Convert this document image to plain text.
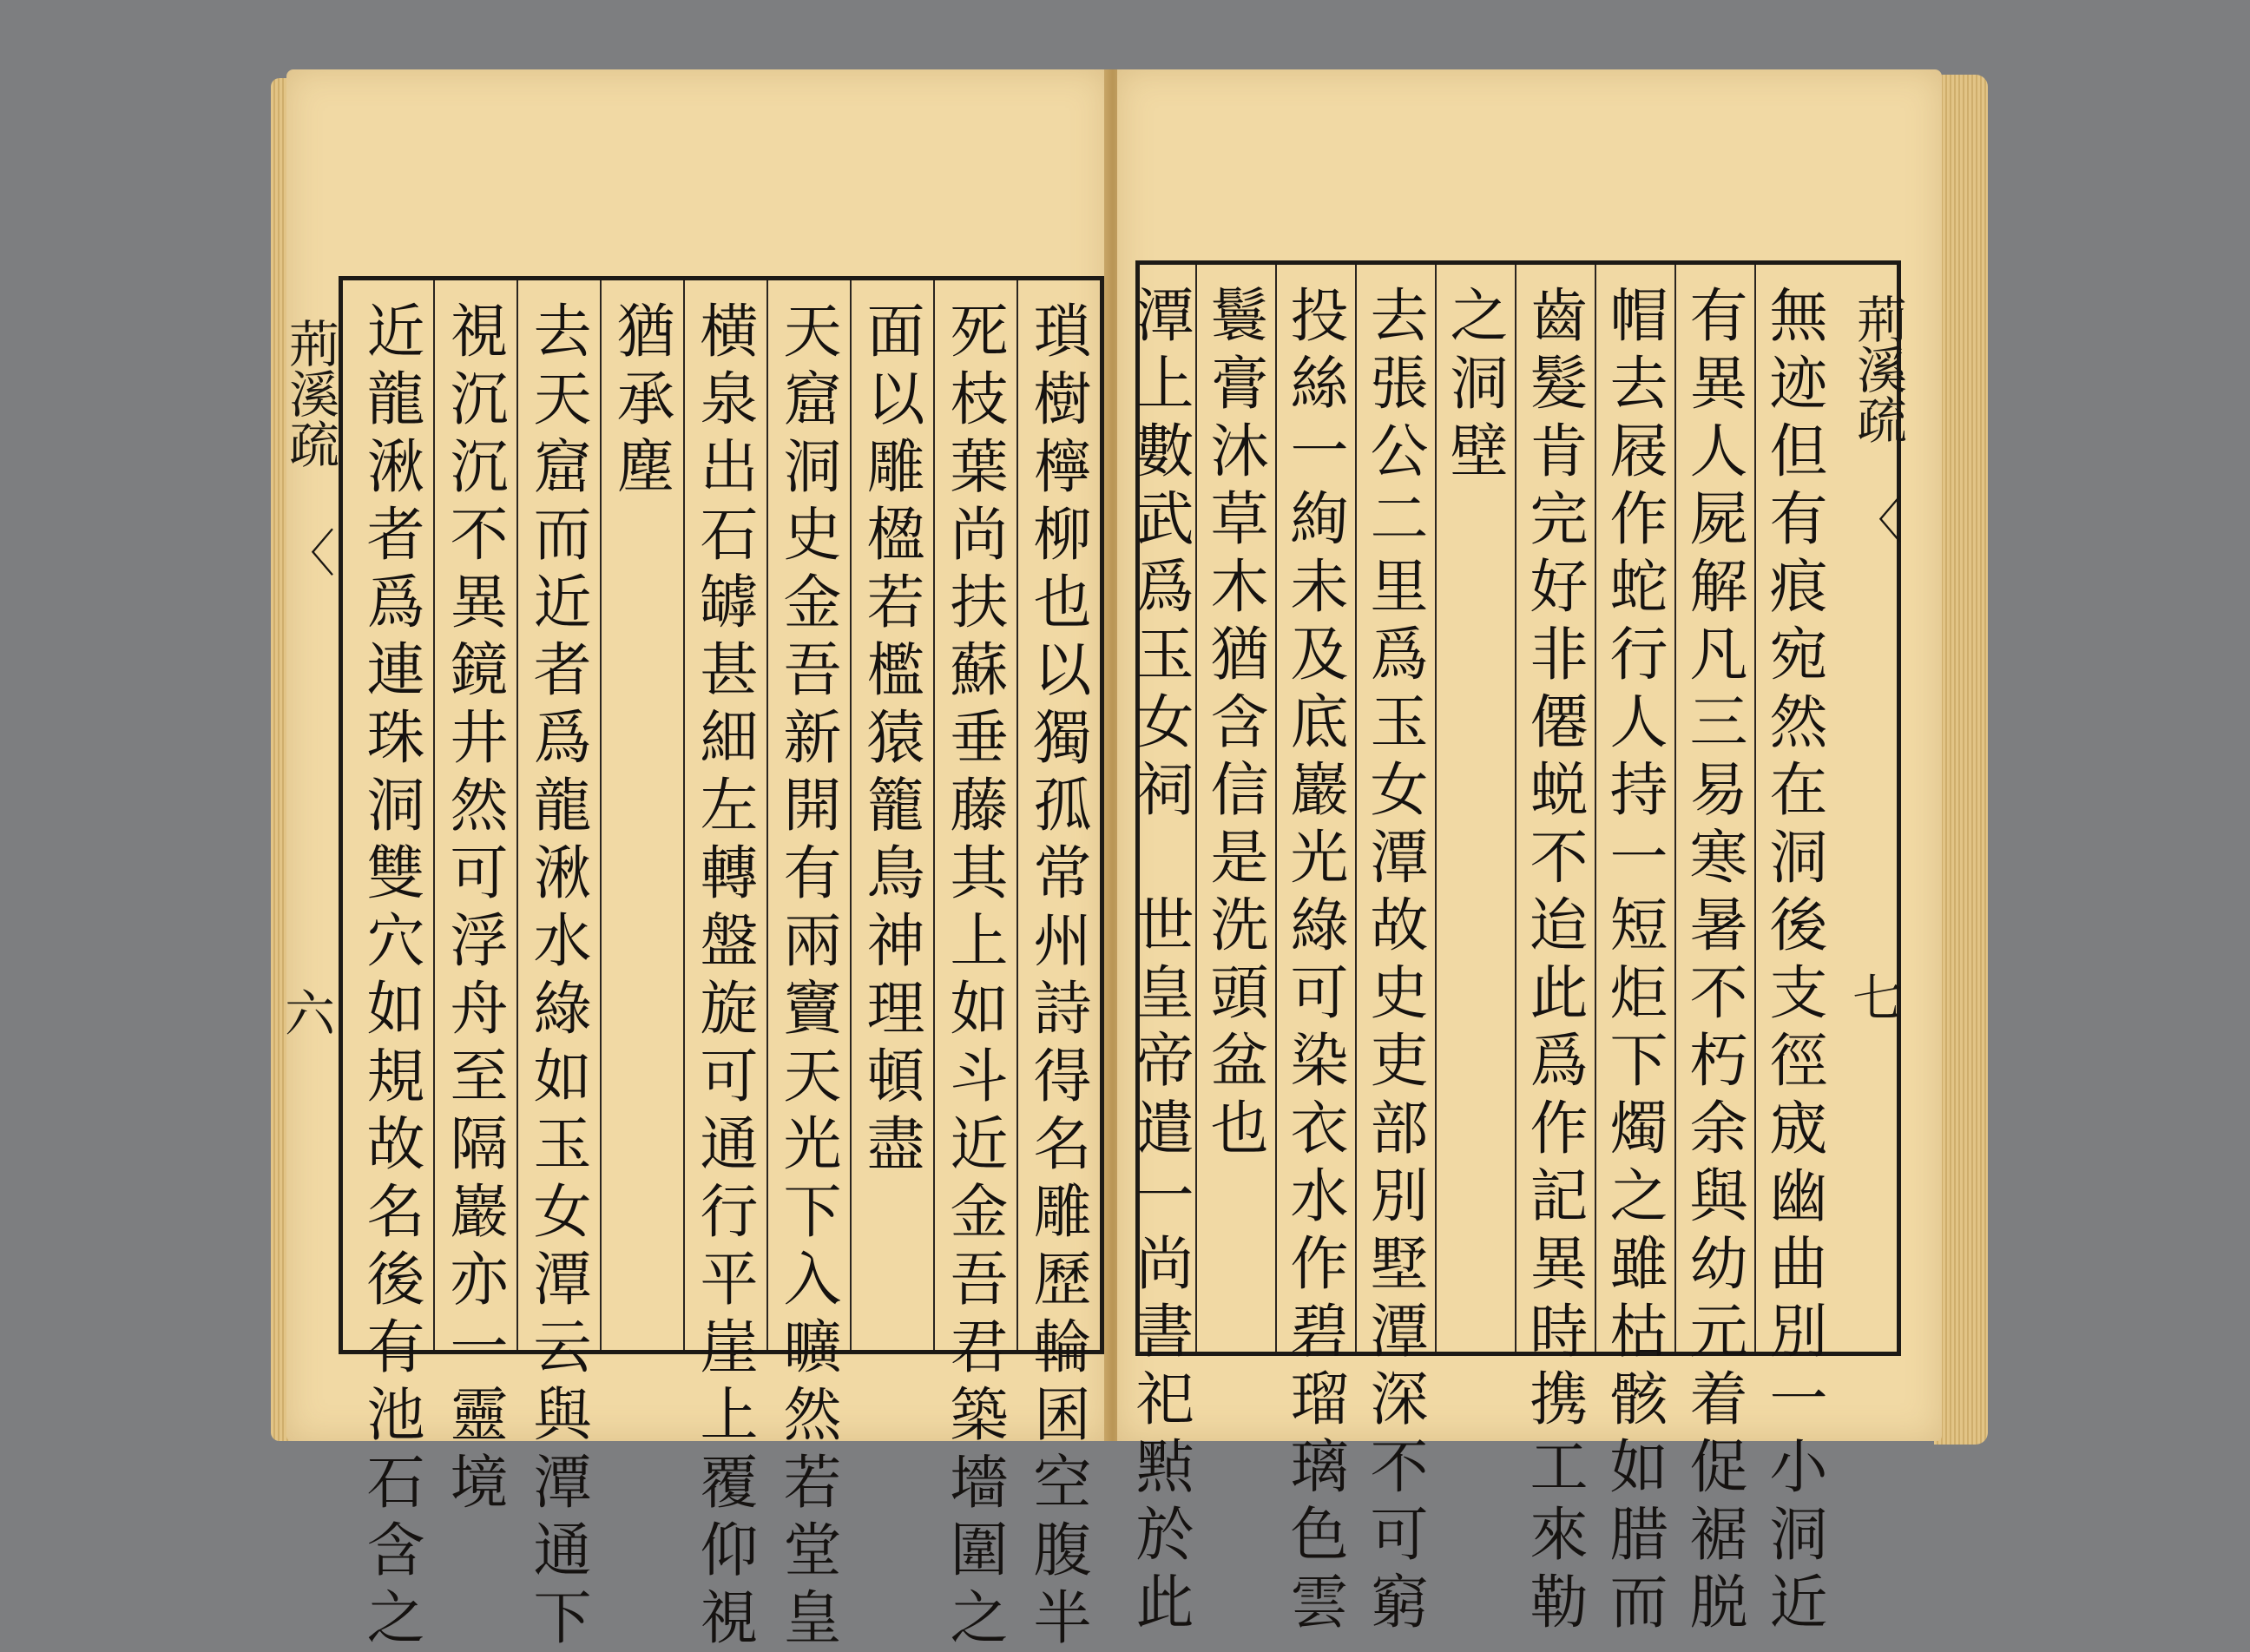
荊溪疏
〈
六
瑣
樹
檸
柳
也
以
獨
孤
常
州
詩
得
名
雕
歷
輪
囷
空
腹
半
死
枝
葉
尚
扶
蘇
垂
藤
其
上
如
斗
近
金
吾
君
築
墻
圍
之
面
以
雕
楹
若
檻
猿
籠
鳥
神
理
頓
盡
天
窟
洞
史
金
吾
新
開
有
兩
竇
天
光
下
入
曠
然
若
堂
皇
横
泉
出
石
罅
甚
細
左
轉
盤
旋
可
通
行
平
崖
上
覆
仰
視
猶
承
塵
去
天
窟
而
近
者
爲
龍
湫
水
綠
如
玉
女
潭
云
與
潭
通
下
視
沉
沉
不
異
鏡
井
然
可
浮
舟
至
隔
巖
亦
一
靈
境
近
龍
湫
者
爲
連
珠
洞
雙
穴
如
規
故
名
後
有
池
石
含
之
荊溪疏
〈
七
無
迹
但
有
痕
宛
然
在
洞
後
支
徑
宬
幽
曲
別
一
小
洞
近
有
異
人
屍
解
凡
三
易
寒
暑
不
朽
余
與
幼
元
着
促
裾
脱
帽
去
屐
作
蛇
行
人
持
一
短
炬
下
燭
之
雖
枯
骸
如
腊
而
齒
髮
肯
完
好
非
僊
蜕
不
迨
此
爲
作
記
異
時
携
工
來
勒
之
洞
壁
去
張
公
二
里
爲
玉
女
潭
故
史
吏
部
別
墅
潭
深
不
可
窮
投
絲
一
絢
未
及
底
巖
光
綠
可
染
衣
水
作
碧
瑠
璃
色
雲
鬟
膏
沐
草
木
猶
含
信
是
洗
頭
盆
也
潭
上
數
武
爲
玉
女
祠

世
皇
帝
遣
一
尚
書
祀
㸃
於
此
